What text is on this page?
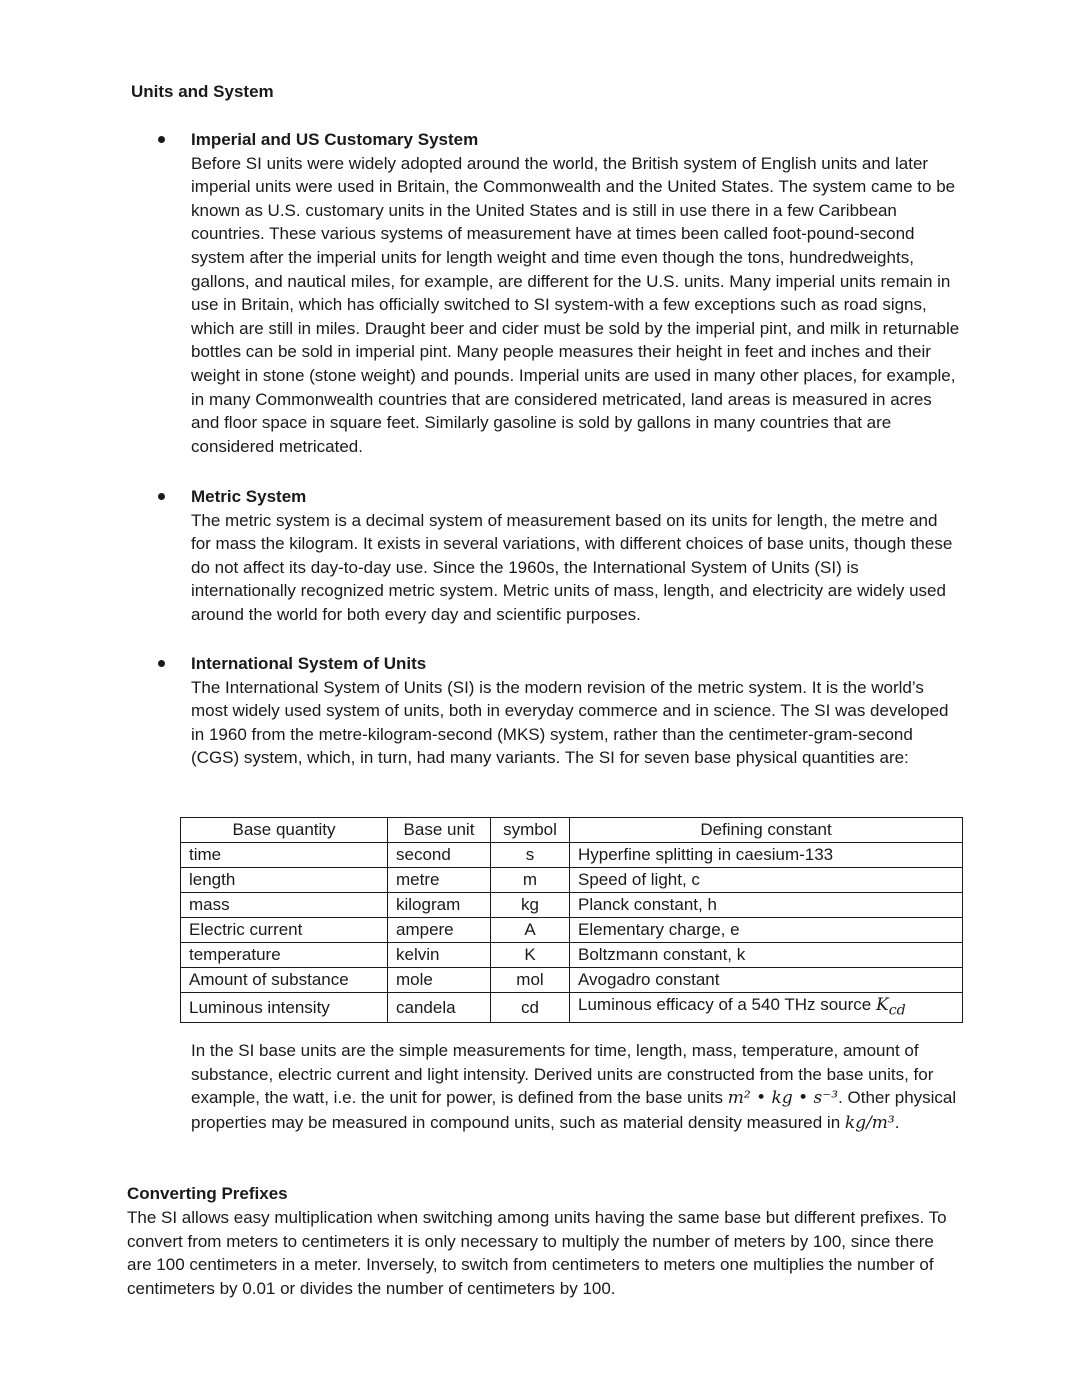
Units and System

Imperial and US Customary System

Before SI units were widely adopted around the world, the British system of English units and later imperial units were used in Britain, the Commonwealth and the United States. The system came to be known as U.S. customary units in the United States and is still in use there in a few Caribbean countries. These various systems of measurement have at times been called foot-pound-second system after the imperial units for length weight and time even though the tons, hundredweights, gallons, and nautical miles, for example, are different for the U.S. units. Many imperial units remain in use in Britain, which has officially switched to SI system-with a few exceptions such as road signs, which are still in miles. Draught beer and cider must be sold by the imperial pint, and milk in returnable bottles can be sold in imperial pint. Many people measures their height in feet and inches and their weight in stone (stone weight) and pounds. Imperial units are used in many other places, for example, in many Commonwealth countries that are considered metricated, land areas is measured in acres and floor space in square feet. Similarly gasoline is sold by gallons in many countries that are considered metricated.

Metric System

The metric system is a decimal system of measurement based on its units for length, the metre and for mass the kilogram. It exists in several variations, with different choices of base units, though these do not affect its day-to-day use. Since the 1960s, the International System of Units (SI) is internationally recognized metric system. Metric units of mass, length, and electricity are widely used around the world for both every day and scientific purposes.

International System of Units

The International System of Units (SI) is the modern revision of the metric system. It is the world’s most widely used system of units, both in everyday commerce and in science. The SI was developed in 1960 from the metre-kilogram-second (MKS) system, rather than the centimeter-gram-second (CGS) system, which, in turn, had many variants. The SI for seven base physical quantities are:

Base quantity	Base unit	symbol	Defining constant
time	second	s	Hyperfine splitting in caesium-133
length	metre	m	Speed of light, c
mass	kilogram	kg	Planck constant, h
Electric current	ampere	A	Elementary charge, e
temperature	kelvin	K	Boltzmann constant, k
Amount of substance	mole	mol	Avogadro constant
Luminous intensity	candela	cd	Luminous efficacy of a 540 THz source $K_{cd}$

In the SI base units are the simple measurements for time, length, mass, temperature, amount of substance, electric current and light intensity. Derived units are constructed from the base units, for example, the watt, i.e. the unit for power, is defined from the base units m² • kg • s⁻³. Other physical properties may be measured in compound units, such as material density measured in kg/m³.

Converting Prefixes

The SI allows easy multiplication when switching among units having the same base but different prefixes. To convert from meters to centimeters it is only necessary to multiply the number of meters by 100, since there are 100 centimeters in a meter. Inversely, to switch from centimeters to meters one multiplies the number of centimeters by 0.01 or divides the number of centimeters by 100.
